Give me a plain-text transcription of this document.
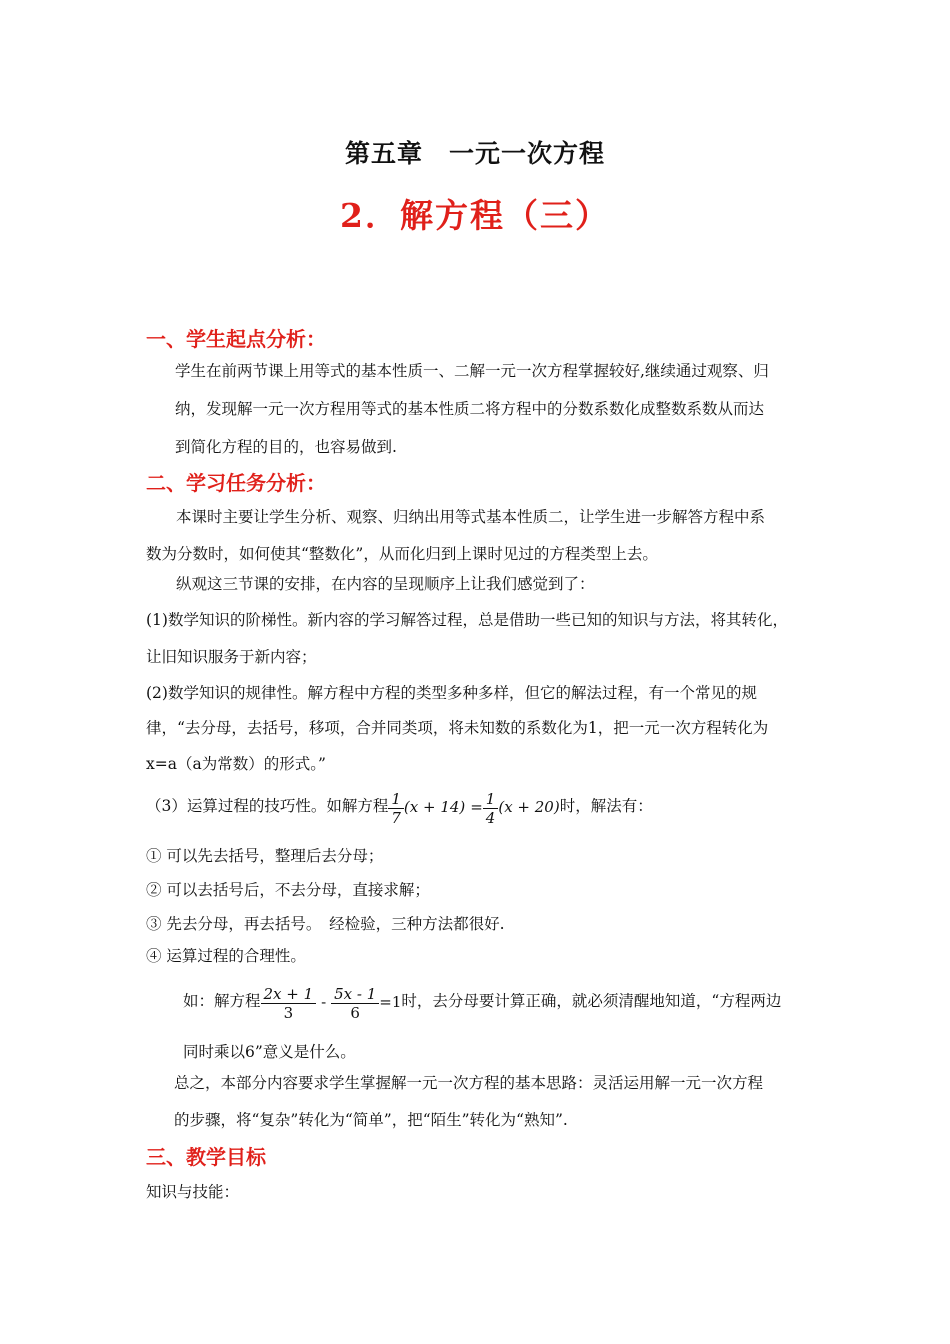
第五章　一元一次方程
2．解方程（三）
一、学生起点分析：
学生在前两节课上用等式的基本性质一、二解一元一次方程掌握较好,继续通过观察、归
纳，发现解一元一次方程用等式的基本性质二将方程中的分数系数化成整数系数从而达
到简化方程的目的，也容易做到.
二、学习任务分析：
本课时主要让学生分析、观察、归纳出用等式基本性质二，让学生进一步解答方程中系
数为分数时，如何使其“整数化”，从而化归到上课时见过的方程类型上去。
纵观这三节课的安排，在内容的呈现顺序上让我们感觉到了：
(1)数学知识的阶梯性。新内容的学习解答过程，总是借助一些已知的知识与方法，将其转化，
让旧知识服务于新内容；
(2)数学知识的规律性。解方程中方程的类型多种多样，但它的解法过程，有一个常见的规
律，“去分母，去括号，移项，合并同类项，将未知数的系数化为1，把一元一次方程转化为
x=a（a为常数）的形式。”
（3）运算过程的技巧性。如解方程 $\frac{1}{7} (x + 14) = \frac{1}{4} (x + 20)$时，解法有：
① 可以先去括号，整理后去分母；
② 可以去括号后，不去分母，直接求解；
③ 先去分母，再去括号。　经检验，三种方法都很好.
④ 运算过程的合理性。
如：解方程 $\frac{2x + 1}{3} - \frac{5x - 1}{6} =1$时，去分母要计算正确，就必须清醒地知道，“方程两边
同时乘以6”意义是什么。
总之，本部分内容要求学生掌握解一元一次方程的基本思路：灵活运用解一元一次方程
的步骤，将“复杂”转化为“简单”，把“陌生”转化为“熟知”.
三、教学目标
知识与技能：
